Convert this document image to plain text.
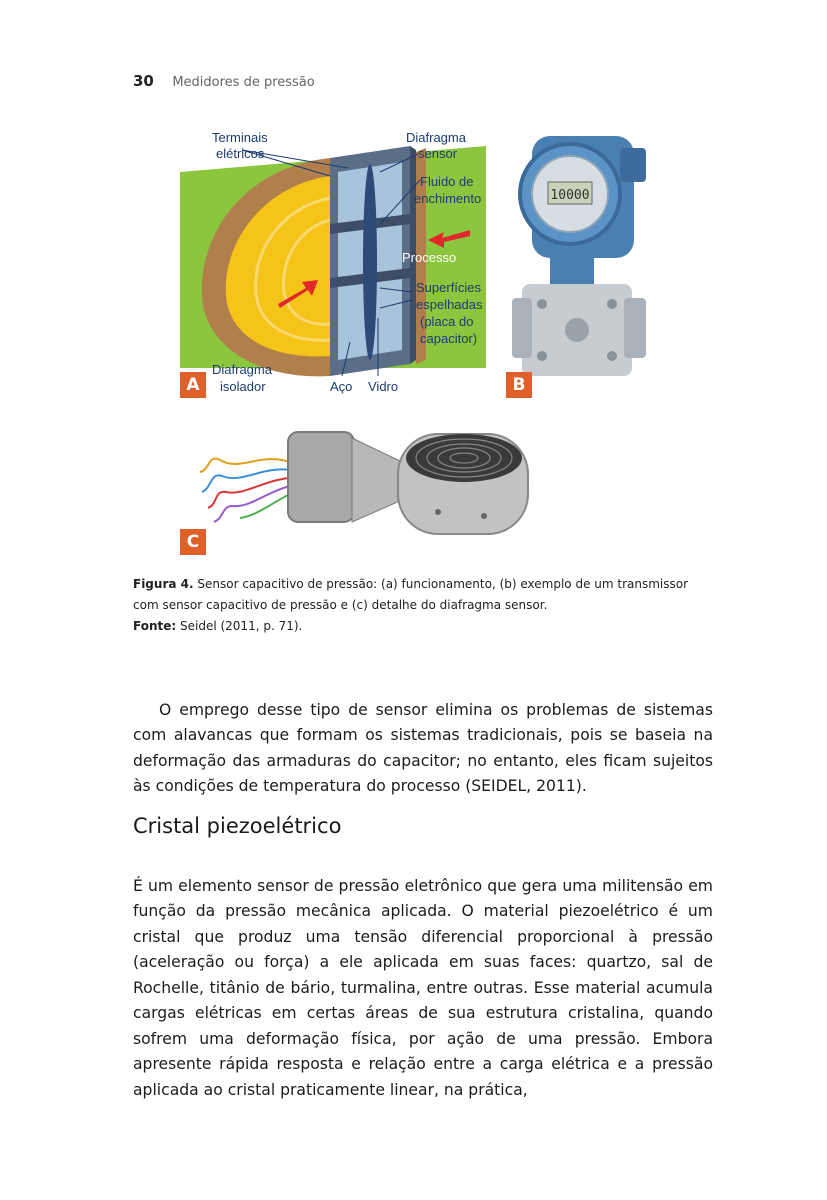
30 Medidores de pressão
Terminais
elétricos
Diafragma
sensor
Fluido de
enchimento
Processo
Superfícies
espelhadas
(placa do
capacitor)
Diafragma
isolador	Aço Vidro
A
10000
B
C
Figura 4. Sensor capacitivo de pressão: (a) funcionamento, (b) exemplo de um transmissor com sensor capacitivo de pressão e (c) detalhe do diafragma sensor.
Fonte: Seidel (2011, p. 71).

O emprego desse tipo de sensor elimina os problemas de sistemas com alavancas que formam os sistemas tradicionais, pois se baseia na deformação das armaduras do capacitor; no entanto, eles ficam sujeitos às condições de temperatura do processo (SEIDEL, 2011).

Cristal piezoelétrico

É um elemento sensor de pressão eletrônico que gera uma militensão em função da pressão mecânica aplicada. O material piezoelétrico é um cristal que produz uma tensão diferencial proporcional à pressão (aceleração ou força) a ele aplicada em suas faces: quartzo, sal de Rochelle, titânio de bário, turmalina, entre outras. Esse material acumula cargas elétricas em certas áreas de sua estrutura cristalina, quando sofrem uma deformação física, por ação de uma pressão. Embora apresente rápida resposta e relação entre a carga elétrica e a pressão aplicada ao cristal praticamente linear, na prática,
